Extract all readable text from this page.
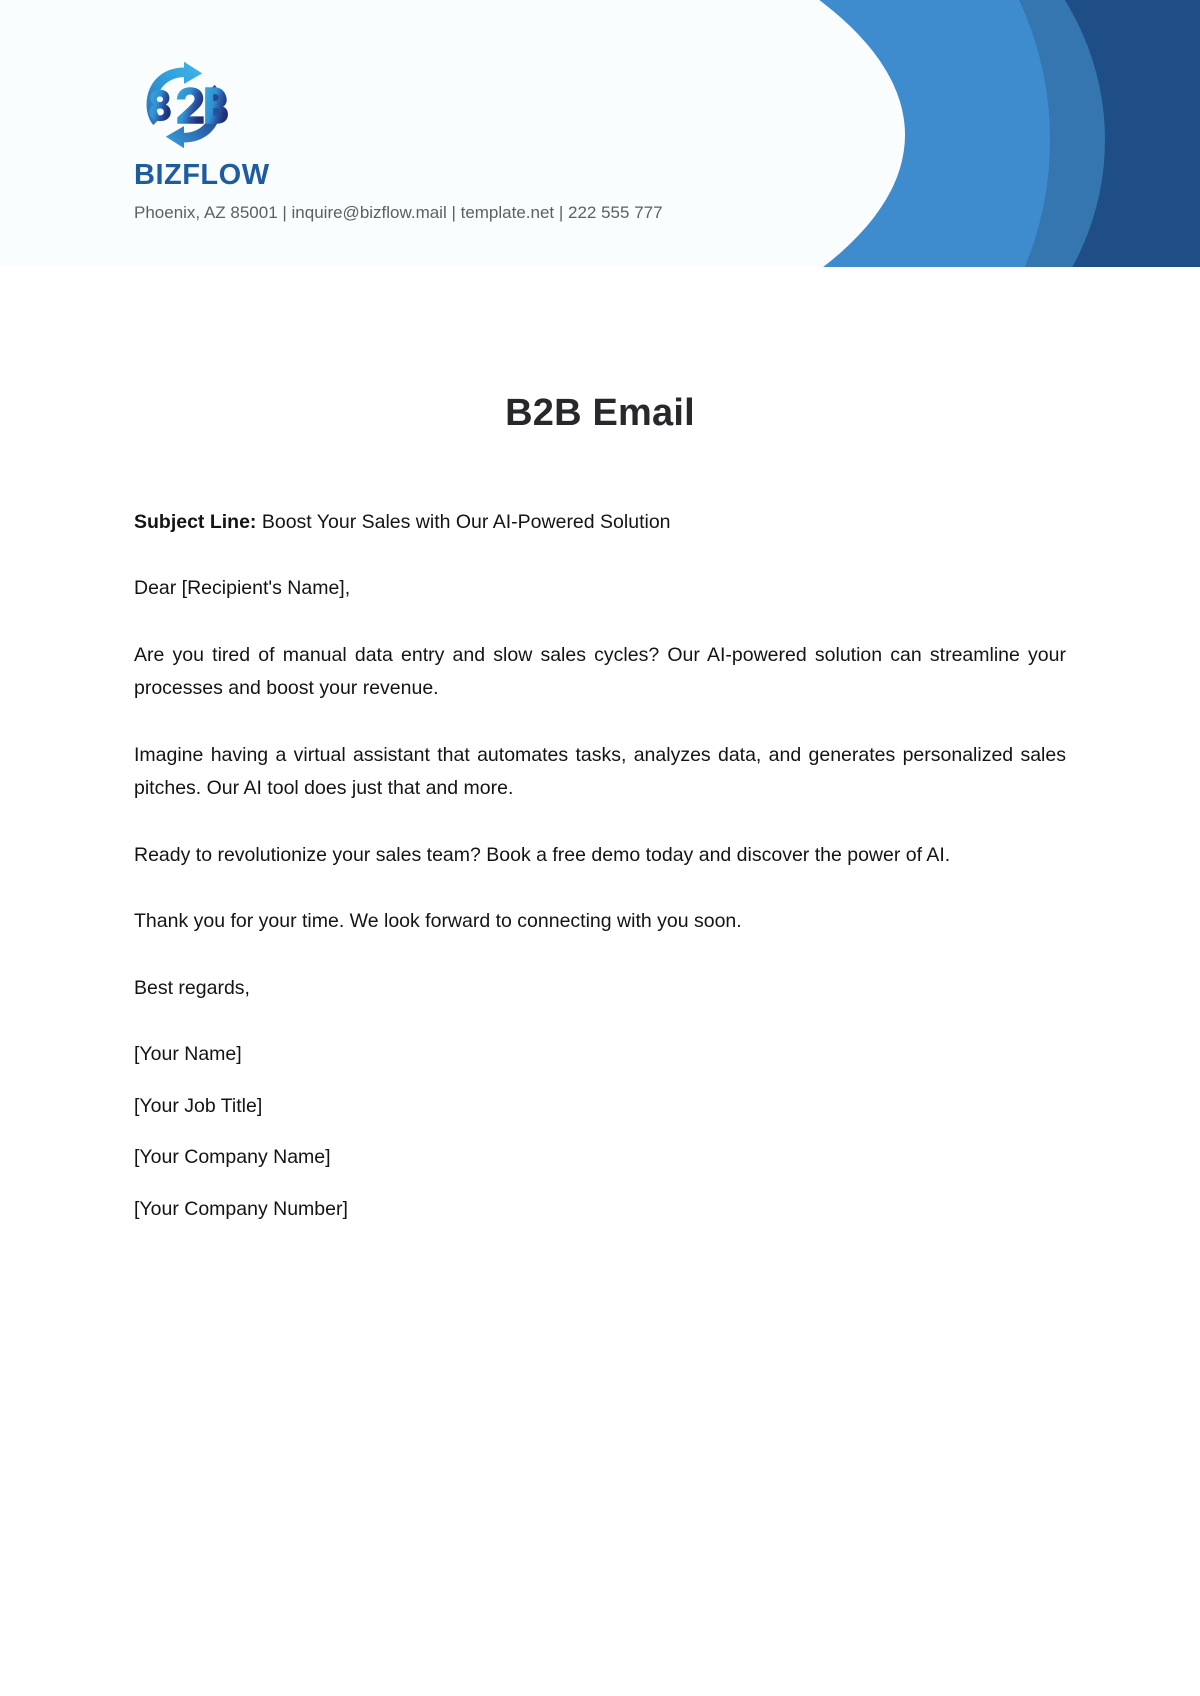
BIZFLOW
Phoenix, AZ 85001 | inquire@bizflow.mail | template.net | 222 555 777
B2B Email

Subject Line: Boost Your Sales with Our AI-Powered Solution

Dear [Recipient's Name],

Are you tired of manual data entry and slow sales cycles? Our AI-powered solution can streamline your processes and boost your revenue.

Imagine having a virtual assistant that automates tasks, analyzes data, and generates personalized sales pitches. Our AI tool does just that and more.

Ready to revolutionize your sales team? Book a free demo today and discover the power of AI.

Thank you for your time. We look forward to connecting with you soon.

Best regards,

[Your Name]
[Your Job Title]
[Your Company Name]
[Your Company Number]
